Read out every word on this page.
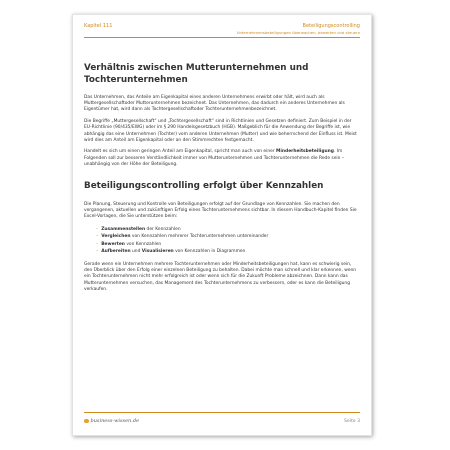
Kapitel 111	Beteiligungscontrolling
Unternehmensbeteiligungen überwachen, bewerten und steuern
Verhältnis zwischen Mutterunternehmen und Tochterunternehmen

Das Unternehmen, das Anteile am Eigenkapital eines anderen Unternehmens erwirbt oder hält, wird auch als Muttergesellschaftoder Mutterunternehmen bezeichnet. Das Unternehmen, das dadurch ein anderes Unternehmen als Eigentümer hat, wird dann als Tochtergesellschaftoder Tochterunternehmenbezeichnet.

Die Begriffe „Muttergesellschaft“ und „Tochtergesellschaft“ sind in Richtlinien und Gesetzen definiert. Zum Beispiel in der EU-Richtlinie (90/435/EWG) oder im § 290 Handelsgesetzbuch (HGB). Maßgeblich für die Anwendung der Begriffe ist, wie abhängig das eine Unternehmen (Tochter) vom anderen Unternehmen (Mutter) und wie beherrschend der Einfluss ist. Meist wird dies am Anteil am Eigenkapital oder an den Stimmrechten festgemacht.

Handelt es sich um einen geringen Anteil am Eigenkapital, spricht man auch von einer Minderheitsbeteiligung. Im Folgenden soll zur besseren Verständlichkeit immer von Mutterunternehmen und Tochterunternehmen die Rede sein – unabhängig von der Höhe der Beteiligung.

Beteiligungscontrolling erfolgt über Kennzahlen

Die Planung, Steuerung und Kontrolle von Beteiligungen erfolgt auf der Grundlage von Kennzahlen. Sie machen den vergangenen, aktuellen und zukünftigen Erfolg eines Tochterunternehmens sichtbar. In diesem Handbuch-Kapitel finden Sie Excel-Vorlagen, die Sie unterstützen beim:

– Zusammenstellen der Kennzahlen
– Vergleichen von Kennzahlen mehrerer Tochterunternehmen untereinander
– Bewerten von Kennzahlen
– Aufbereiten und Visualisieren von Kennzahlen in Diagrammen

Gerade wenn ein Unternehmen mehrere Tochterunternehmen oder Minderheitsbeteiligungen hat, kann es schwierig sein, den Überblick über den Erfolg einer einzelnen Beteiligung zu behalten. Dabei möchte man schnell und klar erkennen, wenn ein Tochterunternehmen nicht mehr erfolgreich ist oder wenn sich für die Zukunft Probleme abzeichnen. Dann kann das Mutterunternehmen versuchen, das Management des Tochterunternehmens zu verbessern, oder es kann die Beteiligung verkaufen.

business-wissen.de	Seite 3
